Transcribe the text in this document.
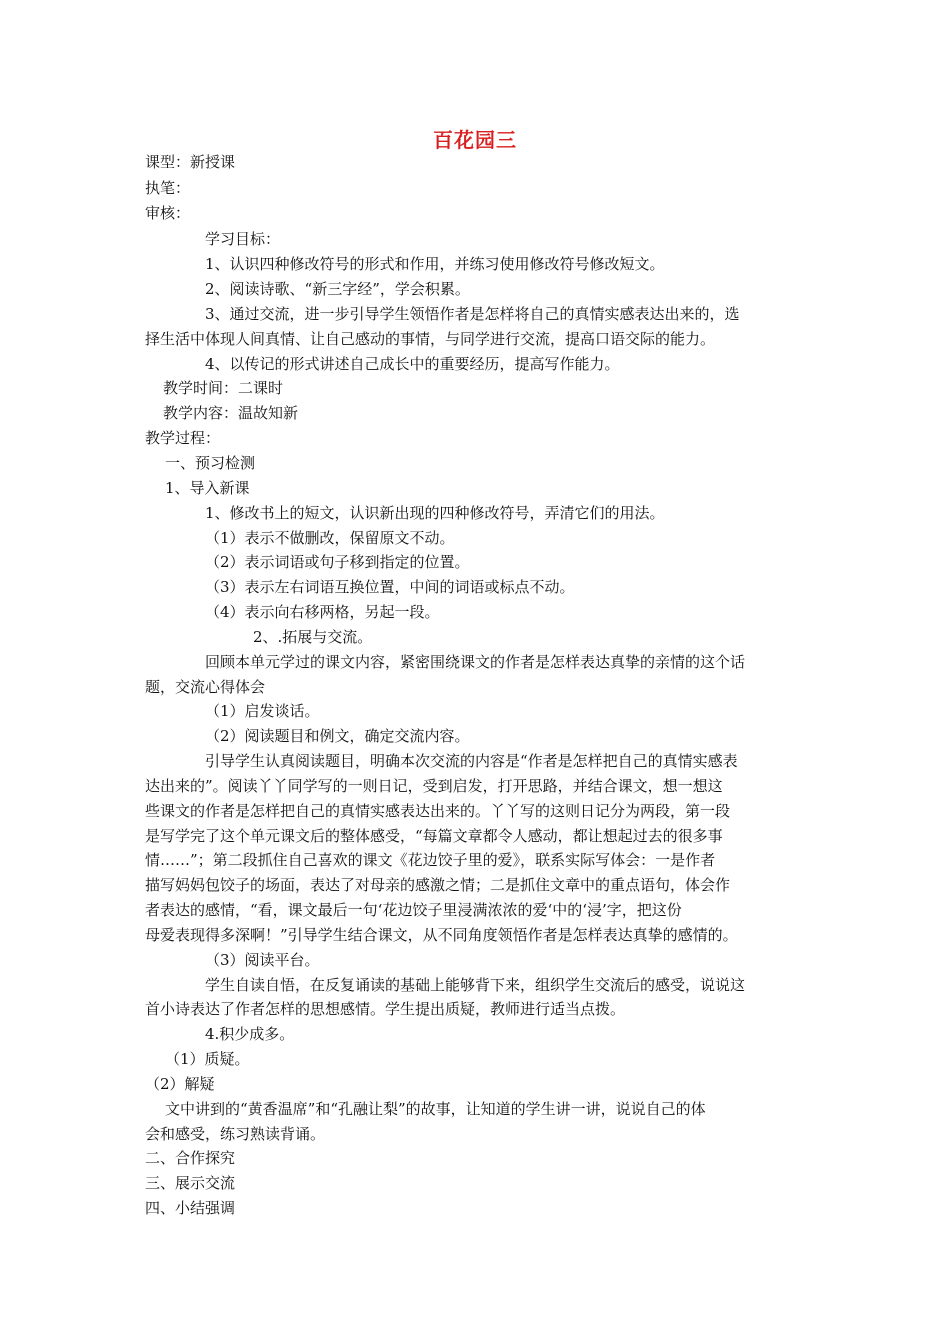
百花园三
课型：新授课
执笔：
审核：
学习目标：
1、认识四种修改符号的形式和作用，并练习使用修改符号修改短文。
2、阅读诗歌、“新三字经”，学会积累。
3、通过交流，进一步引导学生领悟作者是怎样将自己的真情实感表达出来的，选
择生活中体现人间真情、让自己感动的事情，与同学进行交流，提高口语交际的能力。
4、以传记的形式讲述自己成长中的重要经历，提高写作能力。
教学时间：二课时
教学内容：温故知新
教学过程：
一、预习检测
1、导入新课
1、修改书上的短文，认识新出现的四种修改符号，弄清它们的用法。
（1）表示不做删改，保留原文不动。
（2）表示词语或句子移到指定的位置。
（3）表示左右词语互换位置，中间的词语或标点不动。
（4）表示向右移两格，另起一段。
2、.拓展与交流。
回顾本单元学过的课文内容，紧密围绕课文的作者是怎样表达真挚的亲情的这个话
题，交流心得体会
（1）启发谈话。
（2）阅读题目和例文，确定交流内容。
引导学生认真阅读题目，明确本次交流的内容是“作者是怎样把自己的真情实感表
达出来的”。阅读丫丫同学写的一则日记，受到启发，打开思路，并结合课文，想一想这
些课文的作者是怎样把自己的真情实感表达出来的。丫丫写的这则日记分为两段，第一段
是写学完了这个单元课文后的整体感受，“每篇文章都令人感动，都让想起过去的很多事
情……”；第二段抓住自己喜欢的课文《花边饺子里的爱》，联系实际写体会：一是作者
描写妈妈包饺子的场面，表达了对母亲的感激之情；二是抓住文章中的重点语句，体会作
者表达的感情，“看，课文最后一句‘花边饺子里浸满浓浓的爱‘中的‘浸’字，把这份
母爱表现得多深啊！”引导学生结合课文，从不同角度领悟作者是怎样表达真挚的感情的。
（3）阅读平台。
学生自读自悟，在反复诵读的基础上能够背下来，组织学生交流后的感受，说说这
首小诗表达了作者怎样的思想感情。学生提出质疑，教师进行适当点拨。
4.积少成多。
（1）质疑。
（2）解疑
文中讲到的“黄香温席”和“孔融让梨”的故事，让知道的学生讲一讲，说说自己的体
会和感受，练习熟读背诵。
二、合作探究
三、展示交流
四、小结强调
